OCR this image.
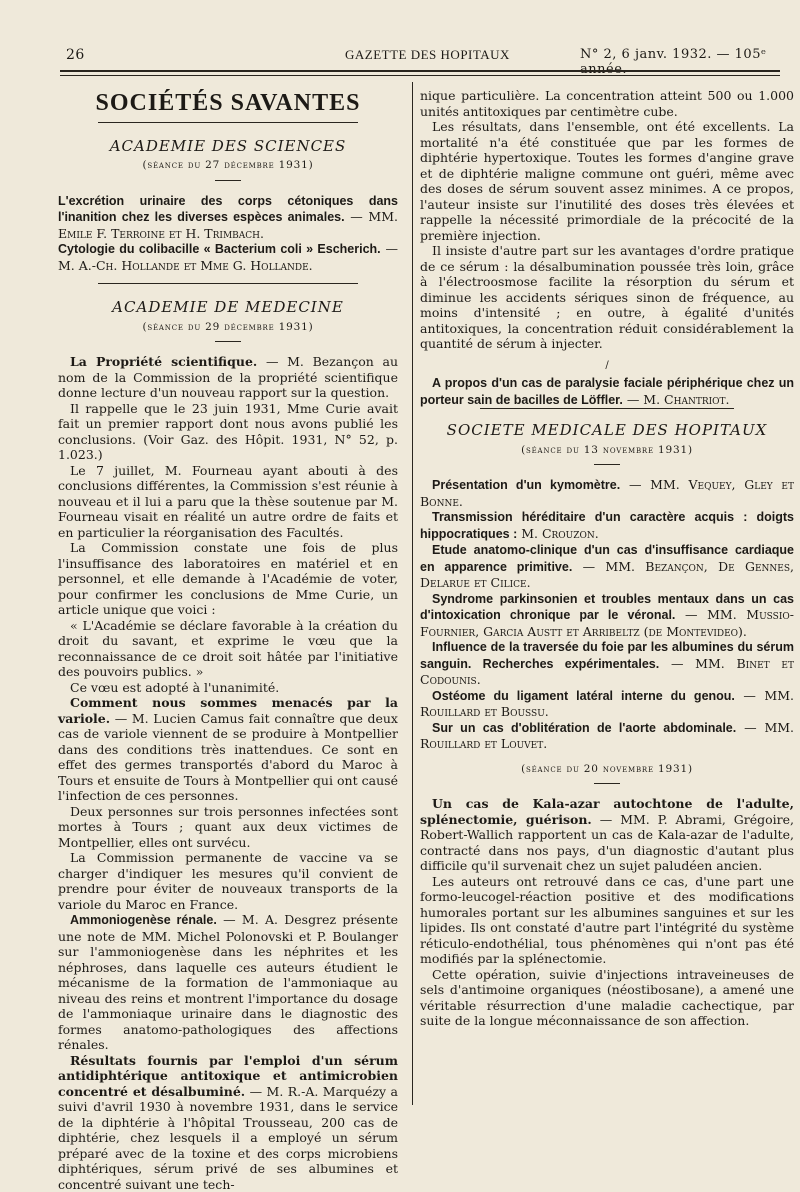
26	GAZETTE DES HOPITAUX	N° 2, 6 janv. 1932. — 105ᵉ année.
SOCIÉTÉS SAVANTES
ACADEMIE DES SCIENCES
(séance du 27 décembre 1931)

L'excrétion urinaire des corps cétoniques dans l'inanition chez les diverses espèces animales. — MM. Emile F. Terroine et H. Trimbach.

Cytologie du colibacille « Bacterium coli » Escherich. — M. A.-Ch. Hollande et Mme G. Hollande.

ACADEMIE DE MEDECINE
(séance du 29 décembre 1931)

La Propriété scientifique. — M. Bezançon au nom de la Commission de la propriété scientifique donne lecture d'un nouveau rapport sur la question.

Il rappelle que le 23 juin 1931, Mme Curie avait fait un premier rapport dont nous avons publié les conclusions. (Voir Gaz. des Hôpit. 1931, N° 52, p. 1.023.)

Le 7 juillet, M. Fourneau ayant abouti à des conclusions différentes, la Commission s'est réunie à nouveau et il lui a paru que la thèse soutenue par M. Fourneau visait en réalité un autre ordre de faits et en particulier la réorganisation des Facultés.

La Commission constate une fois de plus l'insuffisance des laboratoires en matériel et en personnel, et elle demande à l'Académie de voter, pour confirmer les conclusions de Mme Curie, un article unique que voici :

« L'Académie se déclare favorable à la création du droit du savant, et exprime le vœu que la reconnaissance de ce droit soit hâtée par l'initiative des pouvoirs publics. »

Ce vœu est adopté à l'unanimité.

Comment nous sommes menacés par la variole. — M. Lucien Camus fait connaître que deux cas de variole viennent de se produire à Montpellier dans des conditions très inattendues. Ce sont en effet des germes transportés d'abord du Maroc à Tours et ensuite de Tours à Montpellier qui ont causé l'infection de ces personnes.

Deux personnes sur trois personnes infectées sont mortes à Tours ; quant aux deux victimes de Montpellier, elles ont survécu.

La Commission permanente de vaccine va se charger d'indiquer les mesures qu'il convient de prendre pour éviter de nouveaux transports de la variole du Maroc en France.

Ammoniogenèse rénale. — M. A. Desgrez présente une note de MM. Michel Polonovski et P. Boulanger sur l'ammoniogenèse dans les néphrites et les néphroses, dans laquelle ces auteurs étudient le mécanisme de la formation de l'ammoniaque au niveau des reins et montrent l'importance du dosage de l'ammoniaque urinaire dans le diagnostic des formes anatomo-pathologiques des affections rénales.

Résultats fournis par l'emploi d'un sérum antidiphtérique antitoxique et antimicrobien concentré et désalbuminé. — M. R.-A. Marquézy a suivi d'avril 1930 à novembre 1931, dans le service de la diphtérie à l'hôpital Trousseau, 200 cas de diphtérie, chez lesquels il a employé un sérum préparé avec de la toxine et des corps microbiens diphtériques, sérum privé de ses albumines et concentré suivant une tech-

nique particulière. La concentration atteint 500 ou 1.000 unités antitoxiques par centimètre cube.

Les résultats, dans l'ensemble, ont été excellents. La mortalité n'a été constituée que par les formes de diphtérie hypertoxique. Toutes les formes d'angine grave et de diphtérie maligne commune ont guéri, même avec des doses de sérum souvent assez minimes. A ce propos, l'auteur insiste sur l'inutilité des doses très élevées et rappelle la nécessité primordiale de la précocité de la première injection.

Il insiste d'autre part sur les avantages d'ordre pratique de ce sérum : la désalbumination poussée très loin, grâce à l'électroosmose facilite la résorption du sérum et diminue les accidents sériques sinon de fréquence, au moins d'intensité ; en outre, à égalité d'unités antitoxiques, la concentration réduit considérablement la quantité de sérum à injecter.

/

A propos d'un cas de paralysie faciale périphérique chez un porteur sain de bacilles de Löffler. — M. Chantriot.

SOCIETE MEDICALE DES HOPITAUX
(séance du 13 novembre 1931)

Présentation d'un kymomètre. — MM. Vequey, Gley et Bonne.

Transmission héréditaire d'un caractère acquis : doigts hippocratiques : M. Crouzon.

Etude anatomo-clinique d'un cas d'insuffisance cardiaque en apparence primitive. — MM. Bezançon, De Gennes, Delarue et Cilice.

Syndrome parkinsonien et troubles mentaux dans un cas d'intoxication chronique par le véronal. — MM. Mussio-Fournier, Garcia Austt et Arribeltz (de Montevideo).

Influence de la traversée du foie par les albumines du sérum sanguin. Recherches expérimentales. — MM. Binet et Codounis.

Ostéome du ligament latéral interne du genou. — MM. Rouillard et Boussu.

Sur un cas d'oblitération de l'aorte abdominale. — MM. Rouillard et Louvet.

(séance du 20 novembre 1931)

Un cas de Kala-azar autochtone de l'adulte, splénectomie, guérison. — MM. P. Abrami, Grégoire, Robert-Wallich rapportent un cas de Kala-azar de l'adulte, contracté dans nos pays, d'un diagnostic d'autant plus difficile qu'il survenait chez un sujet paludéen ancien.

Les auteurs ont retrouvé dans ce cas, d'une part une formo-leucogel-réaction positive et des modifications humorales portant sur les albumines sanguines et sur les lipides. Ils ont constaté d'autre part l'intégrité du système réticulo-endothélial, tous phénomènes qui n'ont pas été modifiés par la splénectomie.

Cette opération, suivie d'injections intraveineuses de sels d'antimoine organiques (néostibosane), a amené une véritable résurrection d'une maladie cachectique, par suite de la longue méconnaissance de son affection.
